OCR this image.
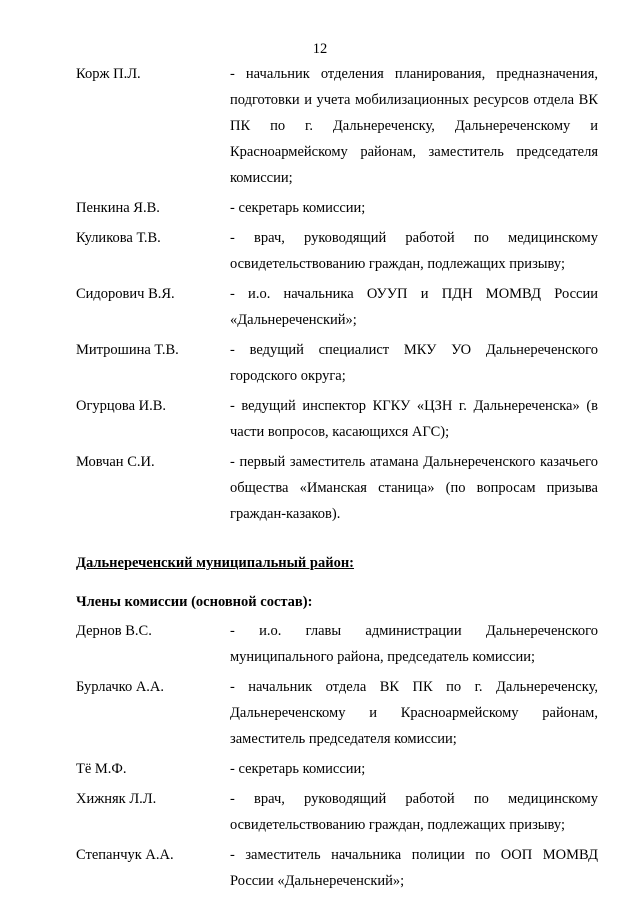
12
Корж П.Л.	- начальник отделения планирования, предназначения, подготовки и учета мобилизационных ресурсов отдела ВК ПК по г. Дальнереченску, Дальнереченскому и Красноармейскому районам, заместитель председателя комиссии;
Пенкина Я.В.	- секретарь комиссии;
Куликова Т.В.	- врач, руководящий работой по медицинскому освидетельствованию граждан, подлежащих призыву;
Сидорович В.Я.	- и.о. начальника ОУУП и ПДН МОМВД России «Дальнереченский»;
Митрошина Т.В.	- ведущий специалист МКУ УО Дальнереченского городского округа;
Огурцова И.В.	- ведущий инспектор КГКУ «ЦЗН г. Дальнереченска» (в части вопросов, касающихся АГС);
Мовчан С.И.	- первый заместитель атамана Дальнереченского казачьего общества «Иманская станица» (по вопросам призыва граждан-казаков).
Дальнереченский муниципальный район:
Члены комиссии (основной состав):
Дернов В.С.	- и.о. главы администрации Дальнереченского муниципального района, председатель комиссии;
Бурлачко А.А.	- начальник отдела ВК ПК по г. Дальнереченску, Дальнереченскому и Красноармейскому районам, заместитель председателя комиссии;
Тё М.Ф.	- секретарь комиссии;
Хижняк Л.Л.	- врач, руководящий работой по медицинскому освидетельствованию граждан, подлежащих призыву;
Степанчук А.А.	- заместитель начальника полиции по ООП МОМВД России «Дальнереченский»;
